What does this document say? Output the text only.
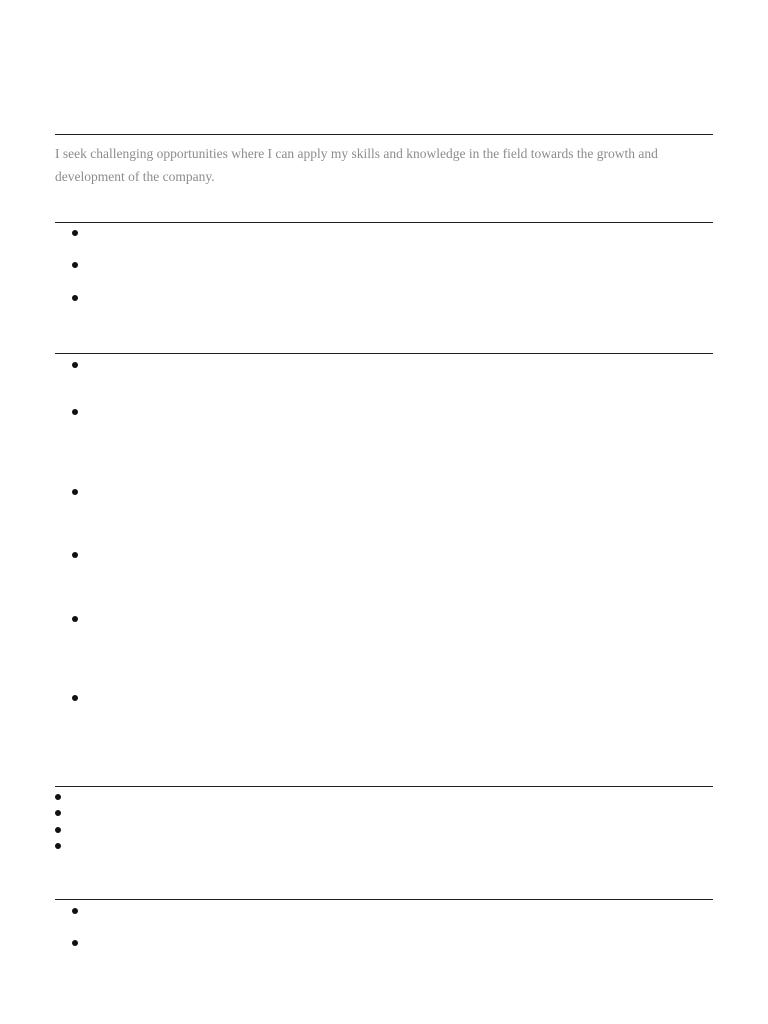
I seek challenging opportunities where I can apply my skills and knowledge in the field towards the growth and development of the company.
